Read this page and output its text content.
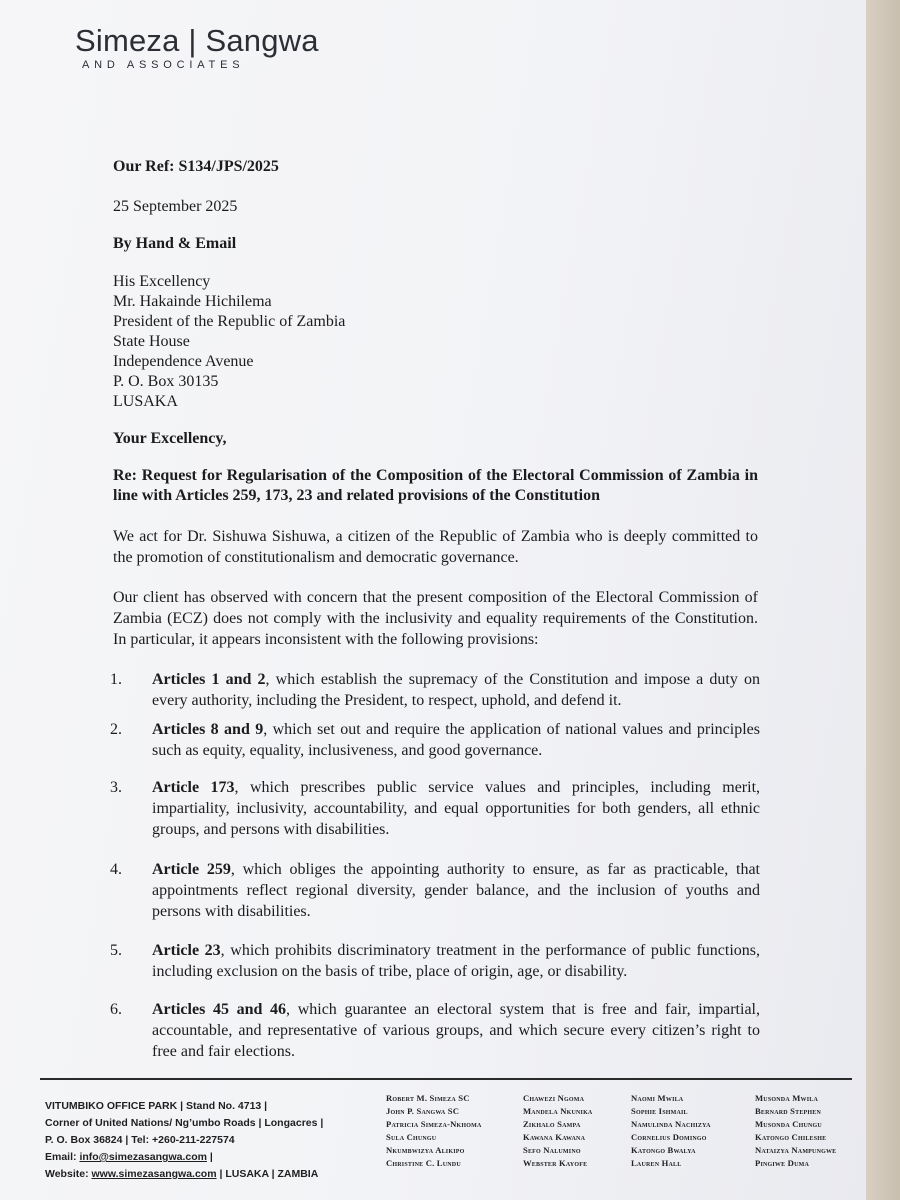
Simeza | Sangwa
AND ASSOCIATES
Our Ref: S134/JPS/2025
25 September 2025
By Hand & Email
His Excellency
Mr. Hakainde Hichilema
President of the Republic of Zambia
State House
Independence Avenue
P. O. Box 30135
LUSAKA
Your Excellency,
Re: Request for Regularisation of the Composition of the Electoral Commission of Zambia in line with Articles 259, 173, 23 and related provisions of the Constitution
We act for Dr. Sishuwa Sishuwa, a citizen of the Republic of Zambia who is deeply committed to the promotion of constitutionalism and democratic governance.
Our client has observed with concern that the present composition of the Electoral Commission of Zambia (ECZ) does not comply with the inclusivity and equality requirements of the Constitution. In particular, it appears inconsistent with the following provisions:
1. Articles 1 and 2, which establish the supremacy of the Constitution and impose a duty on every authority, including the President, to respect, uphold, and defend it.
2. Articles 8 and 9, which set out and require the application of national values and principles such as equity, equality, inclusiveness, and good governance.
3. Article 173, which prescribes public service values and principles, including merit, impartiality, inclusivity, accountability, and equal opportunities for both genders, all ethnic groups, and persons with disabilities.
4. Article 259, which obliges the appointing authority to ensure, as far as practicable, that appointments reflect regional diversity, gender balance, and the inclusion of youths and persons with disabilities.
5. Article 23, which prohibits discriminatory treatment in the performance of public functions, including exclusion on the basis of tribe, place of origin, age, or disability.
6. Articles 45 and 46, which guarantee an electoral system that is free and fair, impartial, accountable, and representative of various groups, and which secure every citizen’s right to free and fair elections.
VITUMBIKO OFFICE PARK | Stand No. 4713 |
Corner of United Nations/ Ng’umbo Roads | Longacres |
P. O. Box 36824 | Tel: +260-211-227574
Email: info@simezasangwa.com |
Website: www.simezasangwa.com | LUSAKA | ZAMBIA
Robert M. Simeza SC
John P. Sangwa SC
Patricia Simeza-Nkhoma
Sula Chungu
Nkumbwizya Alikipo
Christine C. Lundu
Chawezi Ngoma
Mandela Nkunika
Zikhalo Sampa
Kawana Kawana
Sefo Nalumino
Webster Kayofe
Naomi Mwila
Sophie Ishmail
Namulinda Nachizya
Cornelius Domingo
Katongo Bwalya
Lauren Hall
Musonda Mwila
Bernard Stephen
Musonda Chungu
Katongo Chileshe
Nataizya Nampungwe
Pingiwe Duma
